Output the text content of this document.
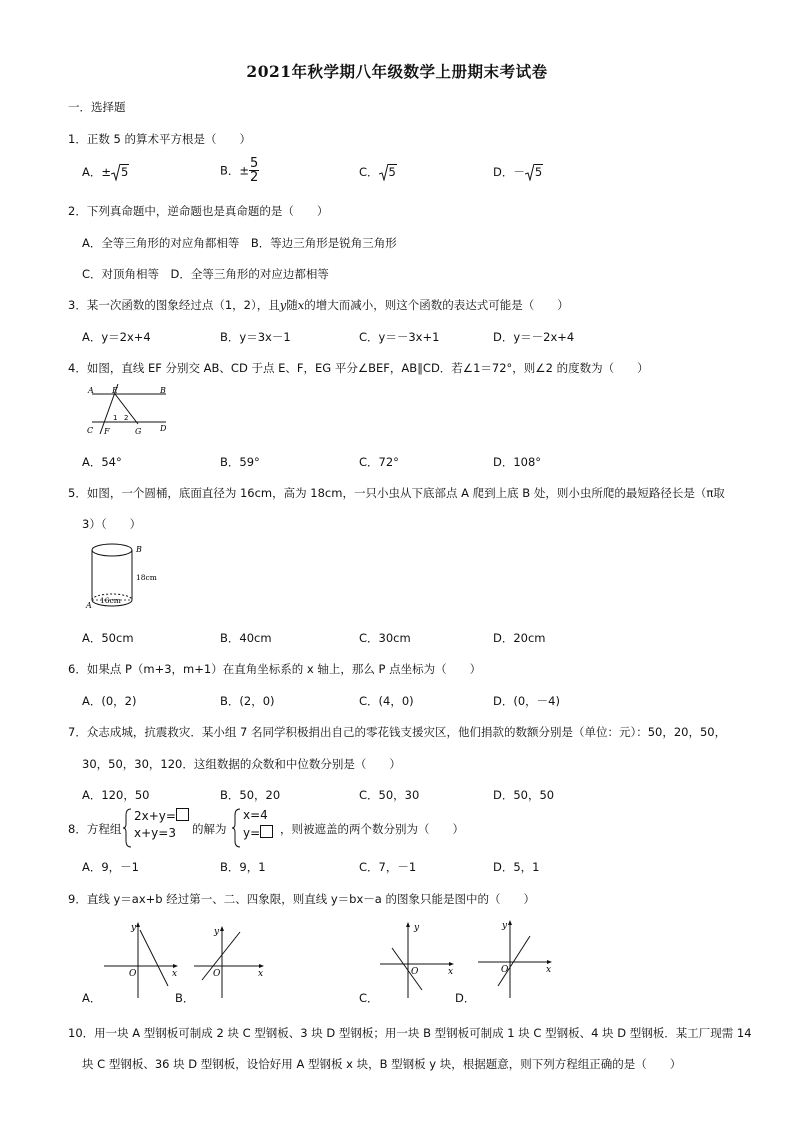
2021年秋学期八年级数学上册期末考试卷
一．选择题
1．正数 5 的算术平方根是（　　）
A．± 5	B．± $\frac{5}{2}$	C． 5	D．－ 5
2．下列真命题中，逆命题也是真命题的是（　　）
A．全等三角形的对应角都相等　B．等边三角形是锐角三角形
C．对顶角相等　D．全等三角形的对应边都相等
3．某一次函数的图象经过点（1，2），且y随x的增大而减小，则这个函数的表达式可能是（　　）
A．y＝2x+4	B．y＝3x－1	C．y＝－3x+1	D．y＝－2x+4
4．如图，直线 EF 分别交 AB、CD 于点 E、F，EG 平分∠BEF，AB∥CD．若∠1＝72°，则∠2 的度数为（　　）
A E	B
1 2
C F	G D
A．54°	B．59°	C．72°	D．108°
5．如图，一个圆桶，底面直径为 16cm，高为 18cm，一只小虫从下底部点 A 爬到上底 B 处，则小虫所爬的最短路径长是（π取
3）（　　）
B
18cm
A
16cm
A．50cm	B．40cm	C．30cm	D．20cm
6．如果点 P（m+3，m+1）在直角坐标系的 x 轴上，那么 P 点坐标为（　　）
A．(0，2)	B．(2，0)	C．(4，0)	D．(0，－4)
7．众志成城，抗震救灾．某小组 7 名同学积极捐出自己的零花钱支援灾区，他们捐款的数额分别是（单位：元）：50，20，50，
30，50，30，120．这组数据的众数和中位数分别是（　　）
A．120，50	B．50，20	C．50，30	D．50，50
8．方程组
2x+y=
x+y=3	的解为
x=4
y=	，则被遮盖的两个数分别为（　　）
A．9，－1	B．9，1	C．7，－1	D．5，1
9．直线 y＝ax+b 经过第一、二、四象限，则直线 y＝bx－a 的图象只能是图中的（　　）
y
x
O
y
x
O
y
x
O
y
x
O
A．	B．	C．	D．
10．用一块 A 型钢板可制成 2 块 C 型钢板、3 块 D 型钢板；用一块 B 型钢板可制成 1 块 C 型钢板、4 块 D 型钢板．某工厂现需 14
块 C 型钢板、36 块 D 型钢板，设恰好用 A 型钢板 x 块，B 型钢板 y 块，根据题意，则下列方程组正确的是（　　）
